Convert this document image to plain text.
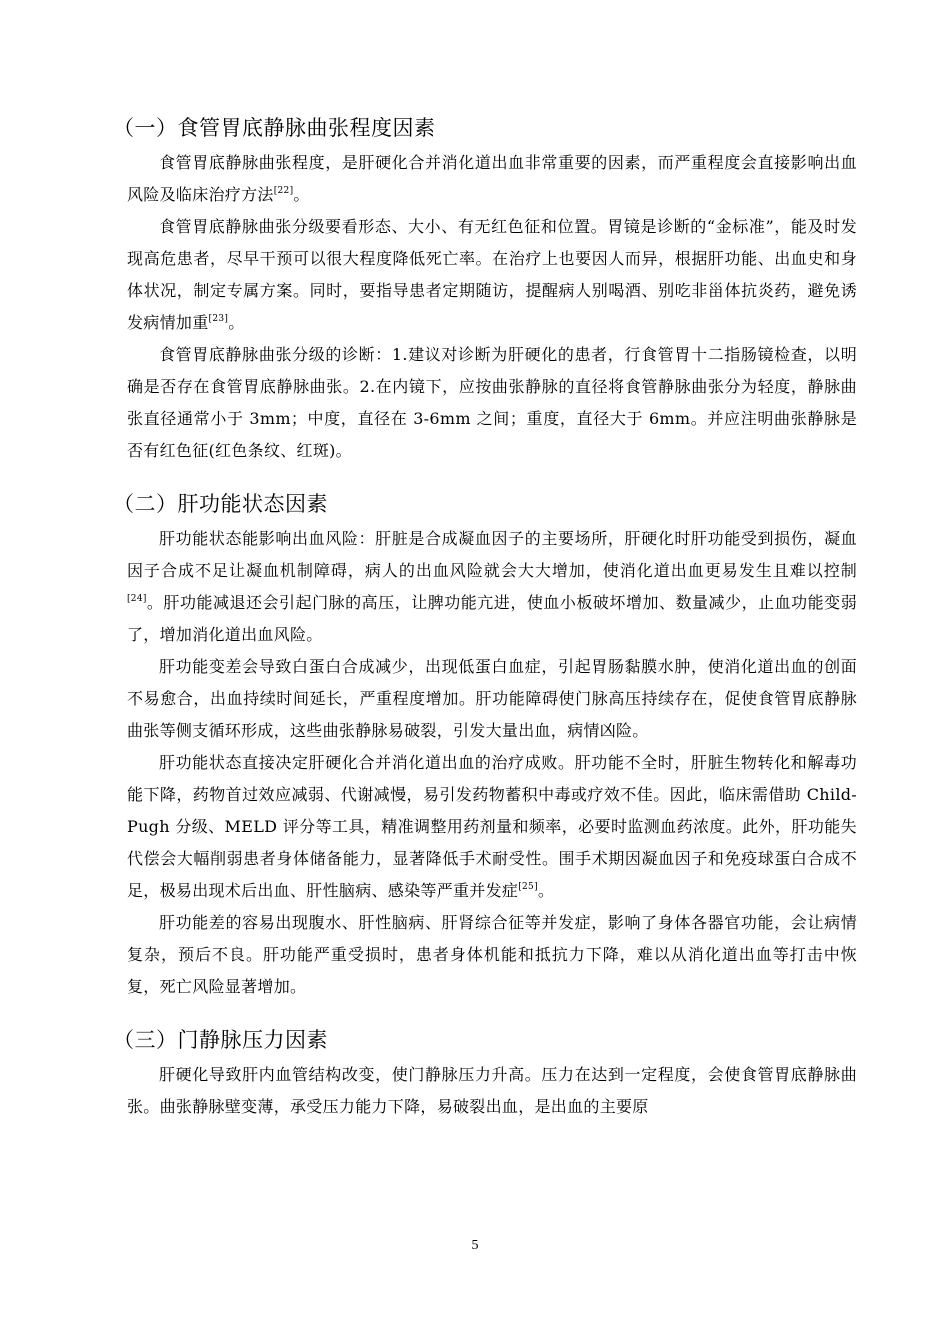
（一）食管胃底静脉曲张程度因素

食管胃底静脉曲张程度，是肝硬化合并消化道出血非常重要的因素，而严重程度会直接影响出血风险及临床治疗方法[22]。

食管胃底静脉曲张分级要看形态、大小、有无红色征和位置。胃镜是诊断的“金标准”，能及时发现高危患者，尽早干预可以很大程度降低死亡率。在治疗上也要因人而异，根据肝功能、出血史和身体状况，制定专属方案。同时，要指导患者定期随访，提醒病人别喝酒、别吃非甾体抗炎药，避免诱发病情加重[23]。

食管胃底静脉曲张分级的诊断：1.建议对诊断为肝硬化的患者，行食管胃十二指肠镜检查，以明确是否存在食管胃底静脉曲张。2.在内镜下，应按曲张静脉的直径将食管静脉曲张分为轻度，静脉曲张直径通常小于 3mm；中度，直径在 3-6mm 之间；重度，直径大于 6mm。并应注明曲张静脉是否有红色征(红色条纹、红斑)。

（二）肝功能状态因素

肝功能状态能影响出血风险：肝脏是合成凝血因子的主要场所，肝硬化时肝功能受到损伤，凝血因子合成不足让凝血机制障碍，病人的出血风险就会大大增加，使消化道出血更易发生且难以控制[24]。肝功能减退还会引起门脉的高压，让脾功能亢进，使血小板破坏增加、数量减少，止血功能变弱了，增加消化道出血风险。

肝功能变差会导致白蛋白合成减少，出现低蛋白血症，引起胃肠黏膜水肿，使消化道出血的创面不易愈合，出血持续时间延长，严重程度增加。肝功能障碍使门脉高压持续存在，促使食管胃底静脉曲张等侧支循环形成，这些曲张静脉易破裂，引发大量出血，病情凶险。

肝功能状态直接决定肝硬化合并消化道出血的治疗成败。肝功能不全时，肝脏生物转化和解毒功能下降，药物首过效应减弱、代谢减慢，易引发药物蓄积中毒或疗效不佳。因此，临床需借助 Child-Pugh 分级、MELD 评分等工具，精准调整用药剂量和频率，必要时监测血药浓度。此外，肝功能失代偿会大幅削弱患者身体储备能力，显著降低手术耐受性。围手术期因凝血因子和免疫球蛋白合成不足，极易出现术后出血、肝性脑病、感染等严重并发症[25]。

肝功能差的容易出现腹水、肝性脑病、肝肾综合征等并发症，影响了身体各器官功能，会让病情复杂，预后不良。肝功能严重受损时，患者身体机能和抵抗力下降，难以从消化道出血等打击中恢复，死亡风险显著增加。

（三）门静脉压力因素

肝硬化导致肝内血管结构改变，使门静脉压力升高。压力在达到一定程度，会使食管胃底静脉曲张。曲张静脉壁变薄，承受压力能力下降，易破裂出血，是出血的主要原

5
